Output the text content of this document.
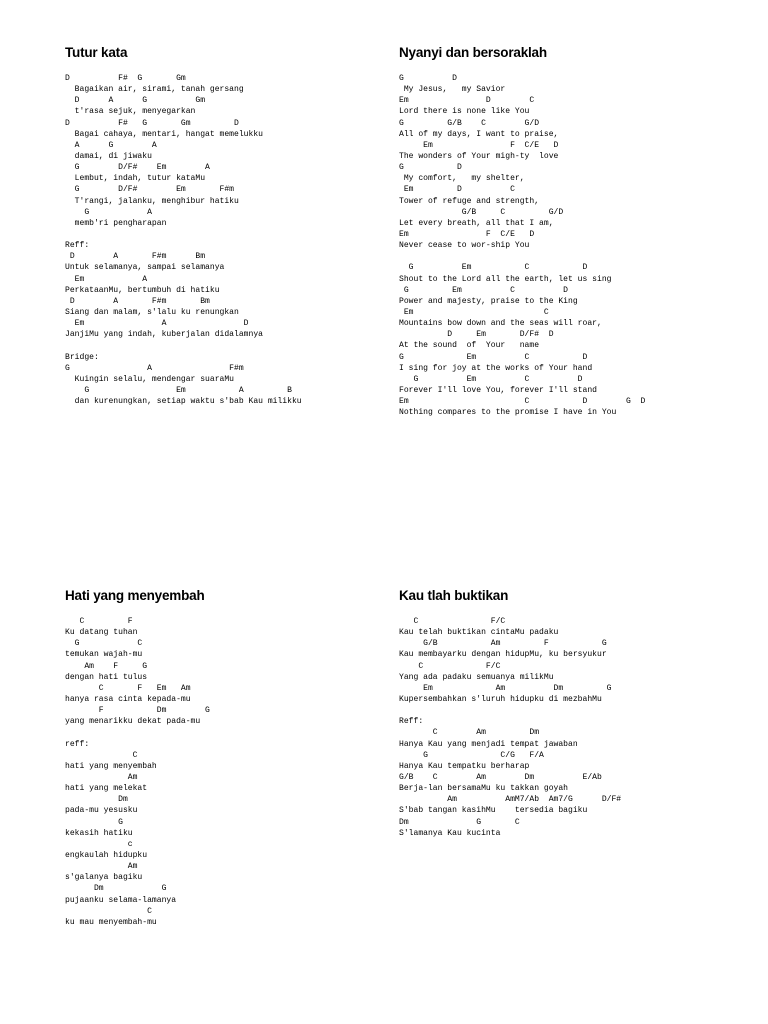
Tutur kata
D          F#  G       Gm
Bagaikan air, sirami, tanah gersang
D      A      G          Gm
t'rasa sejuk, menyegarkan
D          F#   G       Gm         D
Bagai cahaya, mentari, hangat memelukku
A      G        A
damai, di jiwaku
G        D/F#    Em        A
Lembut, indah, tutur kataMu
G        D/F#        Em       F#m
T'rangi, jalanku, menghibur hatiku
G            A
memb'ri pengharapan
Reff:
D        A       F#m      Bm
Untuk selamanya, sampai selamanya
Em            A
PerkataanMu, bertumbuh di hatiku
D        A       F#m       Bm
Siang dan malam, s'lalu ku renungkan
Em                A                D
JanjiMu yang indah, kuberjalan didalamnya
Bridge:
G                A                F#m
Kuingin selalu, mendengar suaraMu
G                  Em           A         B
dan kurenungkan, setiap waktu s'bab Kau milikku
Nyanyi dan bersoraklah
G          D
My Jesus,   my Savior
Em                D        C
Lord there is none like You
G         G/B    C        G/D
All of my days, I want to praise,
Em                F  C/E   D
The wonders of Your migh-ty  love
G           D
My comfort,   my shelter,
Em         D          C
Tower of refuge and strength,
G/B     C         G/D
Let every breath, all that I am,
Em                F  C/E   D
Never cease to wor-ship You
G          Em           C           D
Shout to the Lord all the earth, let us sing
G         Em          C          D
Power and majesty, praise to the King
Em                           C
Mountains bow down and the seas will roar,
D     Em       D/F#  D
At the sound  of  Your   name
G             Em          C           D
I sing for joy at the works of Your hand
G          Em          C          D
Forever I'll love You, forever I'll stand
Em                        C           D        G  D
Nothing compares to the promise I have in You
Hati yang menyembah
C         F
Ku datang tuhan
G            C
temukan wajah-mu
Am    F     G
dengan hati tulus
C       F   Em   Am
hanya rasa cinta kepada-mu
F           Dm        G
yang menarikku dekat pada-mu
reff:
C
hati yang menyembah
Am
hati yang melekat
Dm
pada-mu yesusku
G
kekasih hatiku
c
engkaulah hidupku
Am
s'galanya bagiku
Dm            G
pujaanku selama-lamanya
C
ku mau menyembah-mu
Kau tlah buktikan
C               F/C
Kau telah buktikan cintaMu padaku
G/B           Am         F           G
Kau membayarku dengan hidupMu, ku bersyukur
C             F/C
Yang ada padaku semuanya milikMu
Em             Am          Dm         G
Kupersembahkan s'luruh hidupku di mezbahMu
Reff:
C        Am         Dm
Hanya Kau yang menjadi tempat jawaban
G               C/G   F/A
Hanya Kau tempatku berharap
G/B    C        Am        Dm          E/Ab
Berja-lan bersamaMu ku takkan goyah
Am          AmM7/Ab  Am7/G      D/F#
S'bab tangan kasihMu    tersedia bagiku
Dm              G       C
S'lamanya Kau kucinta
